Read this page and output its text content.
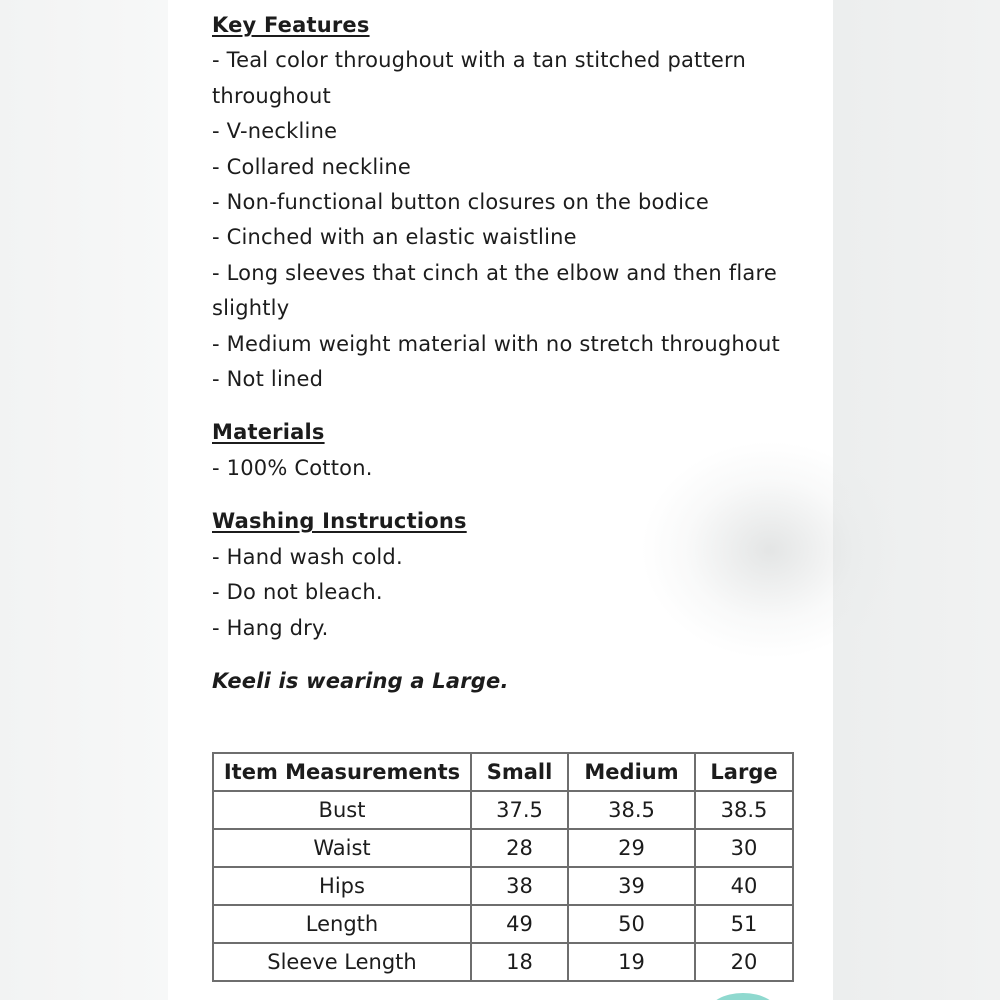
Key Features

- Teal color throughout with a tan stitched pattern throughout
- V-neckline
- Collared neckline
- Non-functional button closures on the bodice
- Cinched with an elastic waistline
- Long sleeves that cinch at the elbow and then flare slightly
- Medium weight material with no stretch throughout
- Not lined

Materials

- 100% Cotton.

Washing Instructions

- Hand wash cold.
- Do not bleach.
- Hang dry.

Keeli is wearing a Large.

Item Measurements	Small	Medium	Large
Bust	37.5	38.5	38.5
Waist	28	29	30
Hips	38	39	40
Length	49	50	51
Sleeve Length	18	19	20
